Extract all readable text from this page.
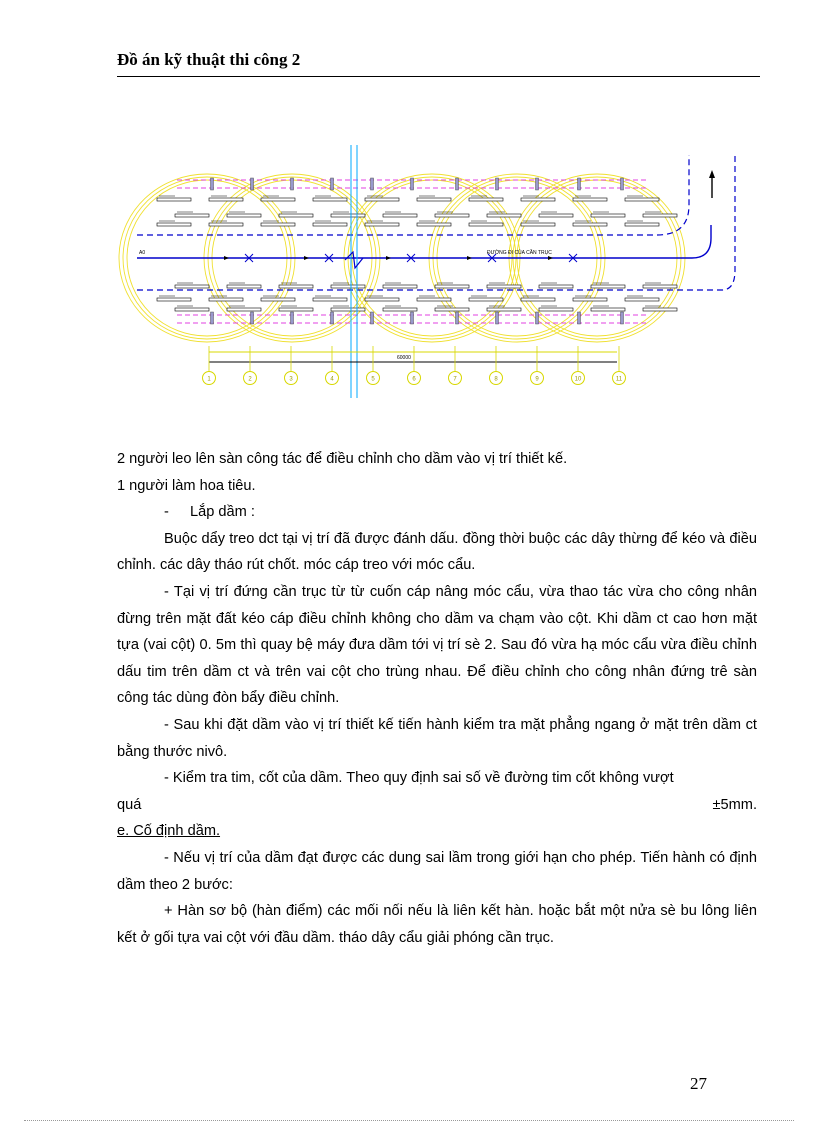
Đồ án kỹ thuật thi công 2
A0	ĐƯỜNG ĐI CỦA CẦN TRỤC
60000
1	2	3	4	5	6	7	8	9	10	11

2 người leo lên sàn công tác để điều chỉnh cho dầm vào vị trí thiết kế.

1 người làm hoa tiêu.

- Lắp dầm :

Buộc dẩy treo dct tại vị trí đã được đánh dấu. đồng thời buộc các dây thừng để kéo và điều chỉnh. các dây tháo rút chốt. móc cáp treo với móc cẩu.

- Tại vị trí đứng cần trục từ từ cuốn cáp nâng móc cẩu, vừa thao tác vừa cho công nhân đừng trên mặt đất kéo cáp điều chỉnh không cho dầm va chạm vào cột. Khi dầm ct cao hơn mặt tựa (vai cột) 0. 5m thì quay bệ máy đưa dầm tới vị trí sè 2. Sau đó vừa hạ móc cẩu vừa điều chỉnh dấu tim trên dầm ct và trên vai cột cho trùng nhau. Để điều chỉnh cho công nhân đứng trê sàn công tác dùng đòn bẩy điều chỉnh.

- Sau khi đặt dầm vào vị trí thiết kế tiến hành kiểm tra mặt phẳng ngang ở mặt trên dầm ct bằng thước nivô.

- Kiểm tra tim, cốt của dầm. Theo quy định sai số về đường tim cốt không vượt

quá	±5mm.

e. Cố định dầm.

- Nếu vị trí của dầm đạt được các dung sai lầm trong giới hạn cho phép. Tiến hành có định dầm theo 2 bước:

+ Hàn sơ bộ (hàn điểm) các mối nối nếu là liên kết hàn. hoặc bắt một nửa sè bu lông liên kết ở gối tựa vai cột với đầu dầm. tháo dây cẩu giải phóng cần trục.

27
